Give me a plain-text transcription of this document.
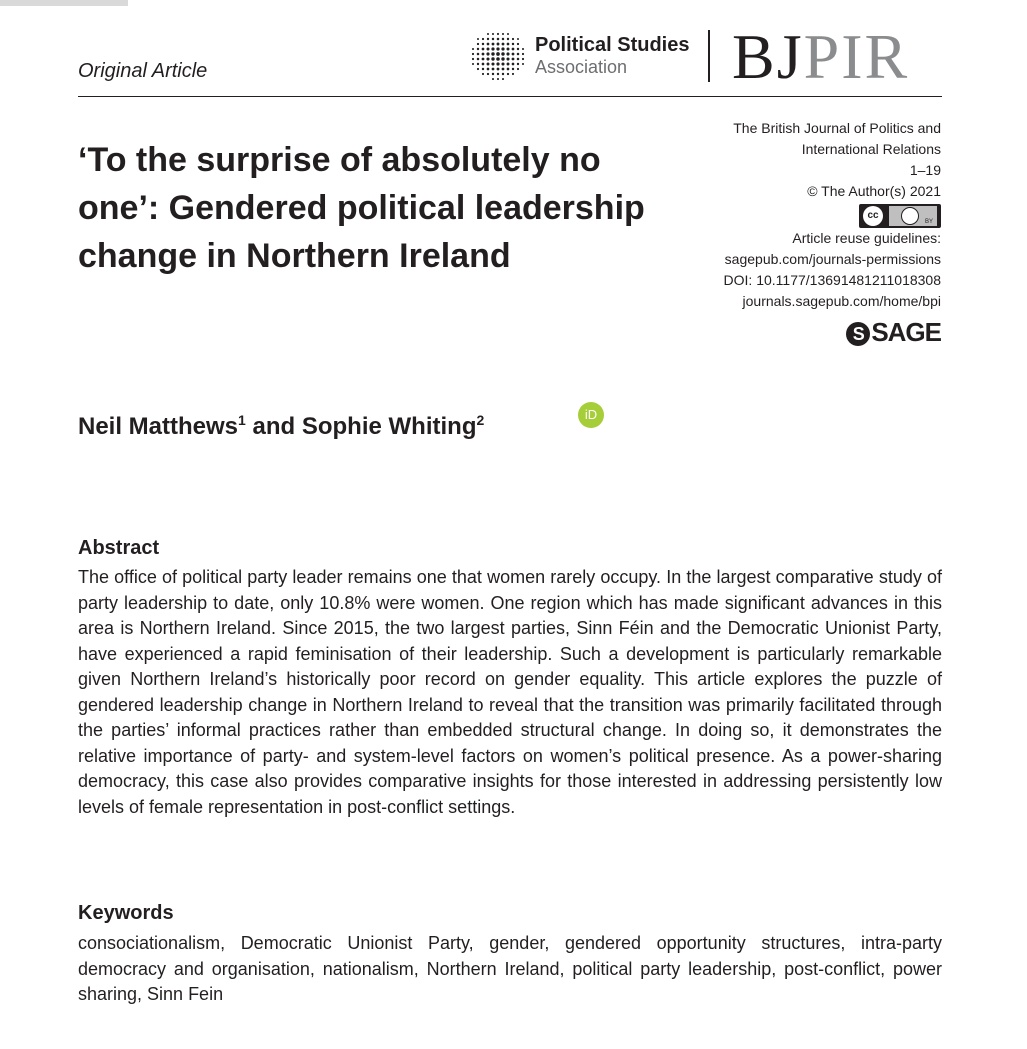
Original Article
Political Studies
Association	BJPIR
‘To the surprise of absolutely no one’: Gendered political leadership change in Northern Ireland
The British Journal of Politics and
International Relations
1–19
© The Author(s) 2021
cc
BY
Article reuse guidelines:
sagepub.com/journals-permissions
DOI: 10.1177/13691481211018308
journals.sagepub.com/home/bpi
S SAGE
Neil Matthews$^1$ and Sophie Whiting$^2$	iD
Abstract
The office of political party leader remains one that women rarely occupy. In the largest comparative study of party leadership to date, only 10.8% were women. One region which has made significant advances in this area is Northern Ireland. Since 2015, the two largest parties, Sinn Féin and the Democratic Unionist Party, have experienced a rapid feminisation of their leadership. Such a development is particularly remarkable given Northern Ireland’s historically poor record on gender equality. This article explores the puzzle of gendered leadership change in Northern Ireland to reveal that the transition was primarily facilitated through the parties’ informal practices rather than embedded structural change. In doing so, it demonstrates the relative importance of party- and system-level factors on women’s political presence. As a power-sharing democracy, this case also provides comparative insights for those interested in addressing persistently low levels of female representation in post-conflict settings.
Keywords
consociationalism, Democratic Unionist Party, gender, gendered opportunity structures, intra-party democracy and organisation, nationalism, Northern Ireland, political party leadership, post-conflict, power sharing, Sinn Fein
